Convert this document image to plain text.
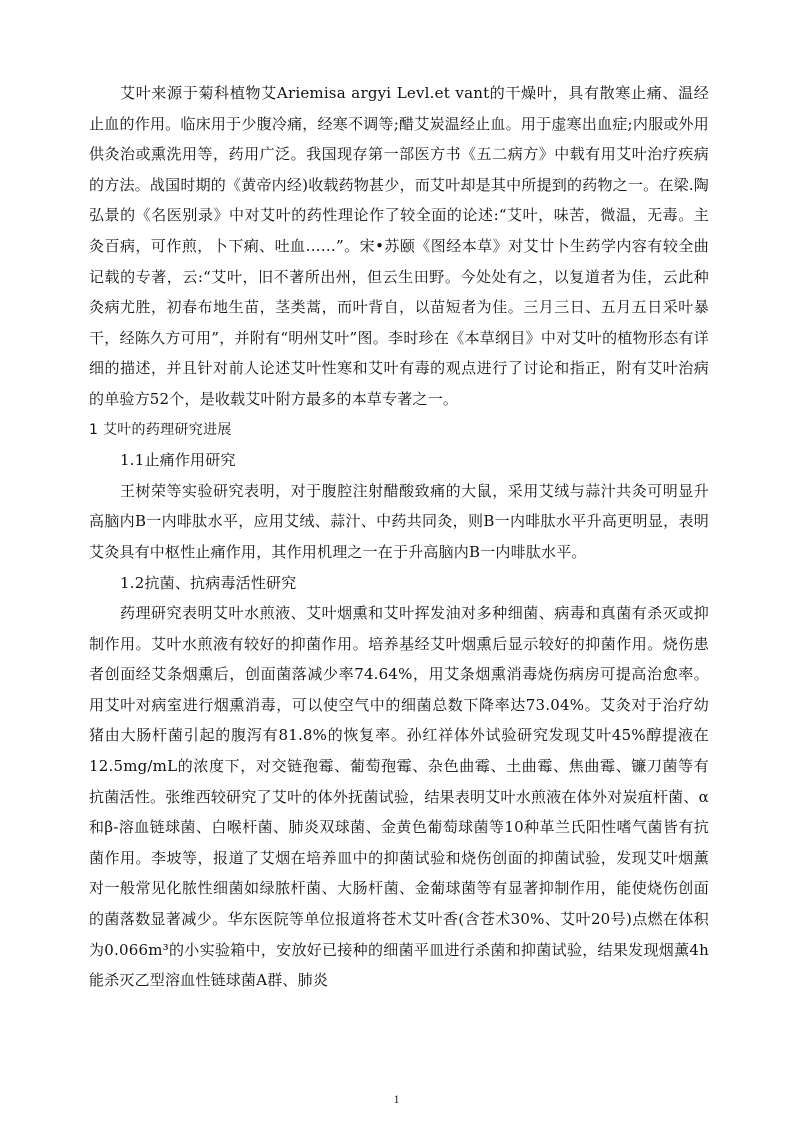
艾叶来源于菊科植物艾Ariemisa argyi Levl.et vant的干燥叶，具有散寒止痛、温经止血的作用。临床用于少腹冷痛，经寒不调等;醋艾炭温经止血。用于虚寒出血症;内服或外用供灸治或熏洗用等，药用广泛。我国现存第一部医方书《五二病方》中载有用艾叶治疗疾病的方法。战国时期的《黄帝内经)收载药物甚少，而艾叶却是其中所提到的药物之一。在梁.陶弘景的《名医别录》中对艾叶的药性理论作了较全面的论述:“艾叶，味苦，微温，无毒。主灸百病，可作煎，卜下痢、吐血……”。宋•苏颐《图经本草》对艾廿卜生药学内容有较全曲记载的专著，云:“艾叶，旧不著所出州，但云生田野。今处处有之，以复道者为佳，云此种灸病尤胜，初春布地生苗，茎类蒿，而叶背自，以苗短者为佳。三月三日、五月五日采叶暴干，经陈久方可用”，并附有“明州艾叶”图。李时珍在《本草纲目》中对艾叶的植物形态有详细的描述，并且针对前人论述艾叶性寒和艾叶有毒的观点进行了讨论和指正，附有艾叶治病的单验方52个，是收载艾叶附方最多的本草专著之一。

1 艾叶的药理研究进展

1.1止痛作用研究

王树荣等实验研究表明，对于腹腔注射醋酸致痛的大鼠，采用艾绒与蒜汁共灸可明显升高脑内B一内啡肽水平，应用艾绒、蒜汁、中药共同灸，则B一内啡肽水平升高更明显，表明艾灸具有中枢性止痛作用，其作用机理之一在于升高脑内B一内啡肽水平。

1.2抗菌、抗病毒活性研究

药理研究表明艾叶水煎液、艾叶烟熏和艾叶挥发油对多种细菌、病毒和真菌有杀灭或抑制作用。艾叶水煎液有较好的抑菌作用。培养基经艾叶烟熏后显示较好的抑菌作用。烧伤患者创面经艾条烟熏后，创面菌落减少率74.64%，用艾条烟熏消毒烧伤病房可提高治愈率。用艾叶对病室进行烟熏消毒，可以使空气中的细菌总数下降率达73.04%。艾灸对于治疗幼猪由大肠杆菌引起的腹泻有81.8%的恢复率。孙红祥体外试验研究发现艾叶45%醇提液在 12.5mg/mL的浓度下，对交链孢霉、葡萄孢霉、杂色曲霉、土曲霉、焦曲霉、镰刀菌等有抗菌活性。张维西较研究了艾叶的体外抚菌试验，结果表明艾叶水煎液在体外对炭疽杆菌、α和β-溶血链球菌、白喉杆菌、肺炎双球菌、金黄色葡萄球菌等10种革兰氏阳性嗜气菌皆有抗菌作用。李坡等，报道了艾烟在培养皿中的抑菌试验和烧伤创面的抑菌试验，发现艾叶烟薰对一般常见化脓性细菌如绿脓杆菌、大肠杆菌、金葡球菌等有显著抑制作用，能使烧伤创面的菌落数显著减少。华东医院等单位报道将苍术艾叶香(含苍术30%、艾叶20号)点燃在体积为0.066m³的小实验箱中，安放好已接种的细菌平皿进行杀菌和抑菌试验，结果发现烟薰4h能杀灭乙型溶血性链球菌A群、肺炎

1
